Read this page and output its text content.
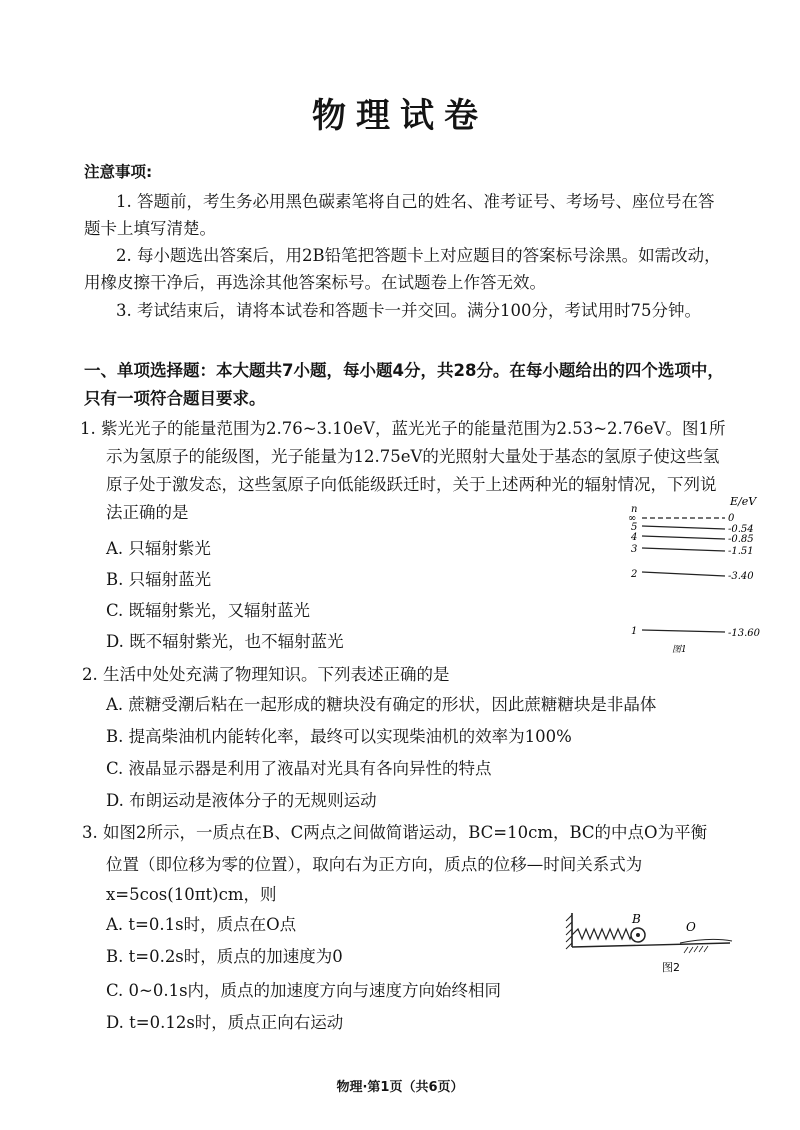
物理试卷
注意事项:
1. 答题前，考生务必用黑色碳素笔将自己的姓名、准考证号、考场号、座位号在答
题卡上填写清楚。
2. 每小题选出答案后，用2B铅笔把答题卡上对应题目的答案标号涂黑。如需改动，
用橡皮擦干净后，再选涂其他答案标号。在试题卷上作答无效。
3. 考试结束后，请将本试卷和答题卡一并交回。满分100分，考试用时75分钟。
一、单项选择题：本大题共7小题，每小题4分，共28分。在每小题给出的四个选项中，
只有一项符合题目要求。
1. 紫光光子的能量范围为2.76~3.10eV，蓝光光子的能量范围为2.53~2.76eV。图1所
示为氢原子的能级图，光子能量为12.75eV的光照射大量处于基态的氢原子使这些氢
原子处于激发态，这些氢原子向低能级跃迁时，关于上述两种光的辐射情况，下列说
法正确的是
A. 只辐射紫光
B. 只辐射蓝光
C. 既辐射紫光，又辐射蓝光
D. 既不辐射紫光，也不辐射蓝光
n
E/eV
∞
5
4
3
2
1
0
-0.54
-0.85
-1.51
-3.40
-13.60
图1
2. 生活中处处充满了物理知识。下列表述正确的是
A. 蔗糖受潮后粘在一起形成的糖块没有确定的形状，因此蔗糖糖块是非晶体
B. 提高柴油机内能转化率，最终可以实现柴油机的效率为100%
C. 液晶显示器是利用了液晶对光具有各向异性的特点
D. 布朗运动是液体分子的无规则运动
3. 如图2所示，一质点在B、C两点之间做简谐运动，BC=10cm，BC的中点O为平衡
位置（即位移为零的位置），取向右为正方向，质点的位移—时间关系式为
x=5cos(10πt)cm，则
A. t=0.1s时，质点在O点
B. t=0.2s时，质点的加速度为0
C. 0~0.1s内，质点的加速度方向与速度方向始终相同
D. t=0.12s时，质点正向右运动
B
O
图2
物理·第1页（共6页）
